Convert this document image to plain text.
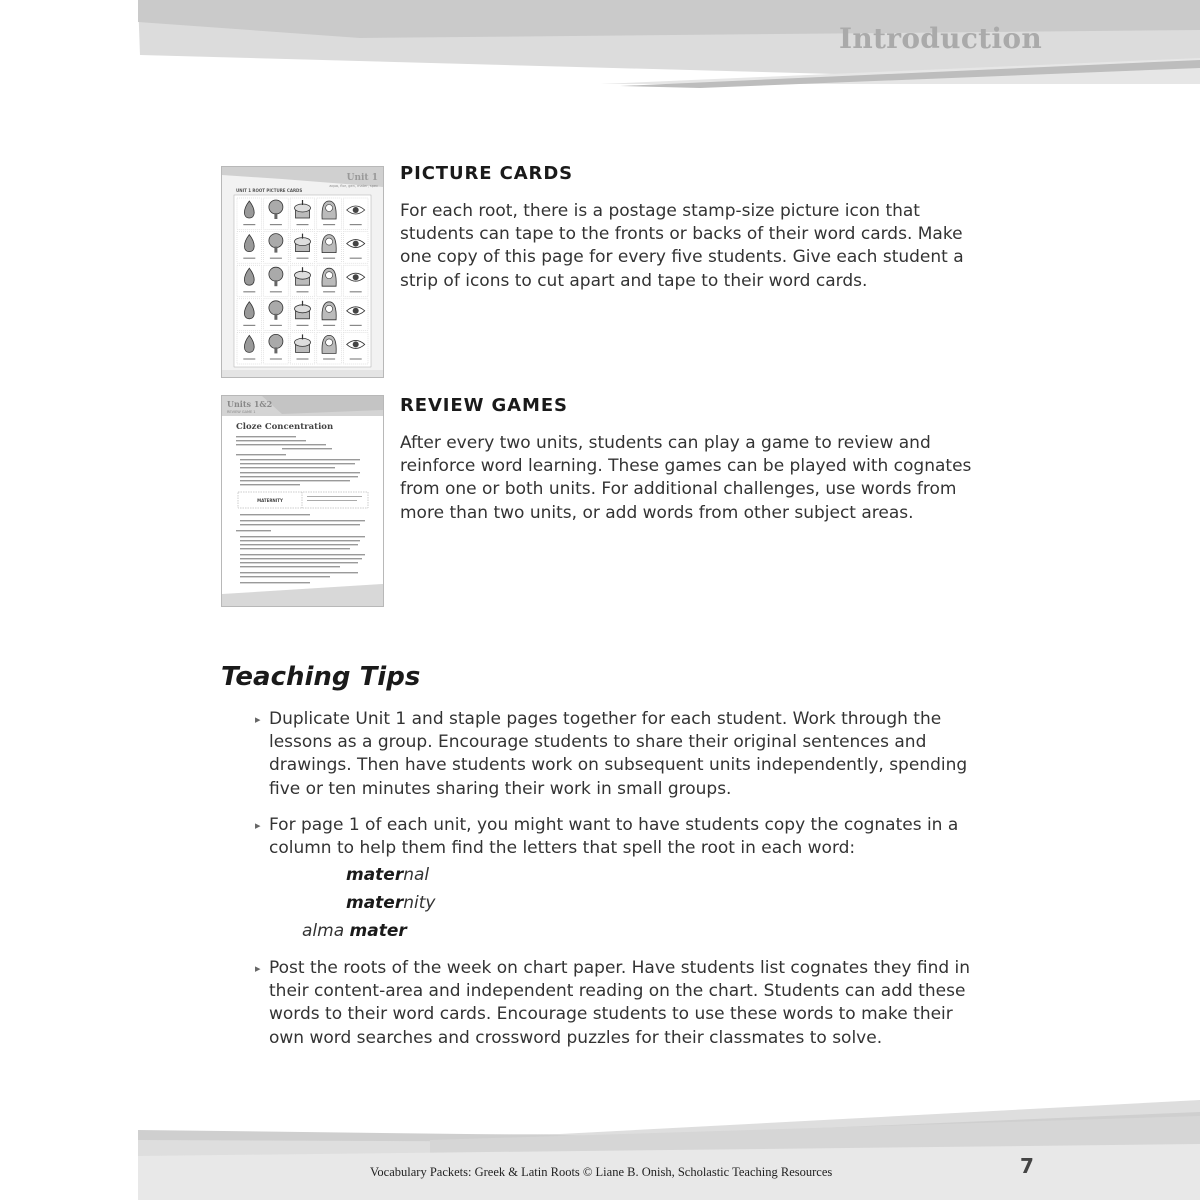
Introduction
Unit 1
aqua, flor, gen, mater, spec
UNIT 1 ROOT PICTURE CARDS
PICTURE CARDS

For each root, there is a postage stamp-size picture icon that students can tape to the fronts or backs of their word cards. Make one copy of this page for every five students. Give each student a strip of icons to cut apart and tape to their word cards.

Units 1&2
REVIEW GAME 1
Cloze Concentration
MATERNITY
REVIEW GAMES

After every two units, students can play a game to review and reinforce word learning. These games can be played with cognates from one or both units. For additional challenges, use words from more than two units, or add words from other subject areas.

Teaching Tips
▸ Duplicate Unit 1 and staple pages together for each student. Work through the lessons as a group. Encourage students to share their original sentences and drawings. Then have students work on subsequent units independently, spending five or ten minutes sharing their work in small groups.
▸ For page 1 of each unit, you might want to have students copy the cognates in a column to help them find the letters that spell the root in each word:

maternal

maternity

alma mater

▸ Post the roots of the week on chart paper. Have students list cognates they find in their content-area and independent reading on the chart. Students can add these words to their word cards. Encourage students to use these words to make their own word searches and crossword puzzles for their classmates to solve.

Vocabulary Packets: Greek & Latin Roots © Liane B. Onish, Scholastic Teaching Resources	7
